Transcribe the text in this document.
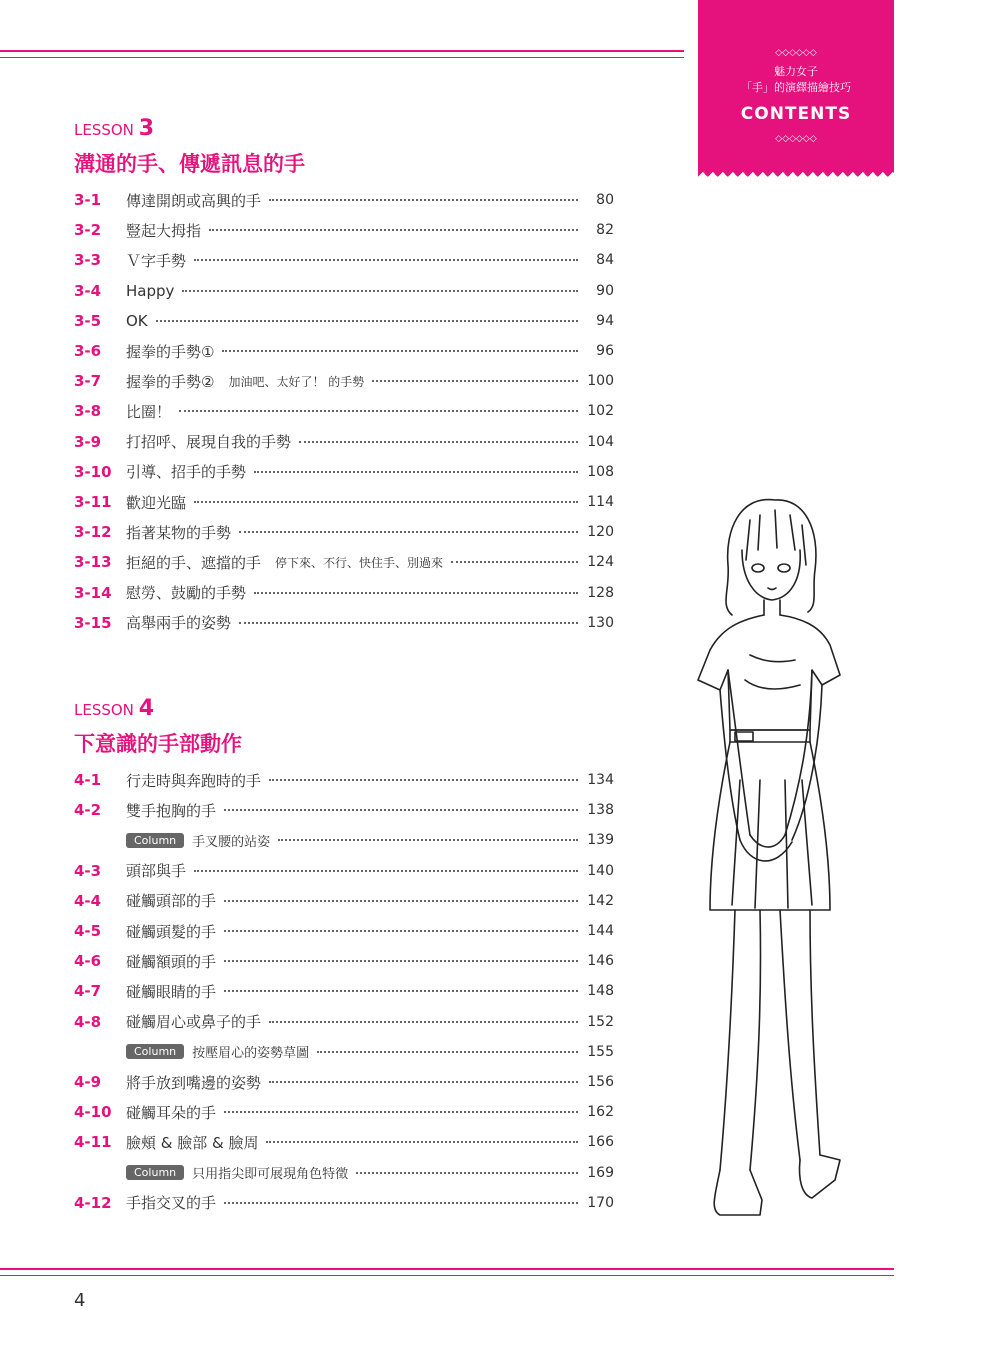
◇◇◇◇◇◇
魅力女子
「手」的演繹描繪技巧
CONTENTS
◇◇◇◇◇◇
LESSON 3
溝通的手、傳遞訊息的手
3-1	傳達開朗或高興的手	80
3-2	豎起大拇指	82
3-3	Ｖ字手勢	84
3-4	Happy	90
3-5	OK	94
3-6	握拳的手勢①	96
3-7	握拳的手勢② 加油吧、太好了！ 的手勢	100
3-8	比圈！	102
3-9	打招呼、展現自我的手勢	104
3-10 引導、招手的手勢	108
3-11 歡迎光臨	114
3-12 指著某物的手勢	120
3-13 拒絕的手、遮擋的手 停下來、不行、快住手、別過來	124
3-14 慰勞、鼓勵的手勢	128
3-15 高舉兩手的姿勢	130
LESSON 4
下意識的手部動作
4-1	行走時與奔跑時的手	134
4-2	雙手抱胸的手	138
Column	手叉腰的站姿	139
4-3	頭部與手	140
4-4	碰觸頭部的手	142
4-5	碰觸頭髮的手	144
4-6	碰觸額頭的手	146
4-7	碰觸眼睛的手	148
4-8	碰觸眉心或鼻子的手	152
Column	按壓眉心的姿勢草圖	155
4-9	將手放到嘴邊的姿勢	156
4-10 碰觸耳朵的手	162
4-11 臉頰 & 臉部 & 臉周	166
Column	只用指尖即可展現角色特徵	169
4-12 手指交叉的手	170
4
